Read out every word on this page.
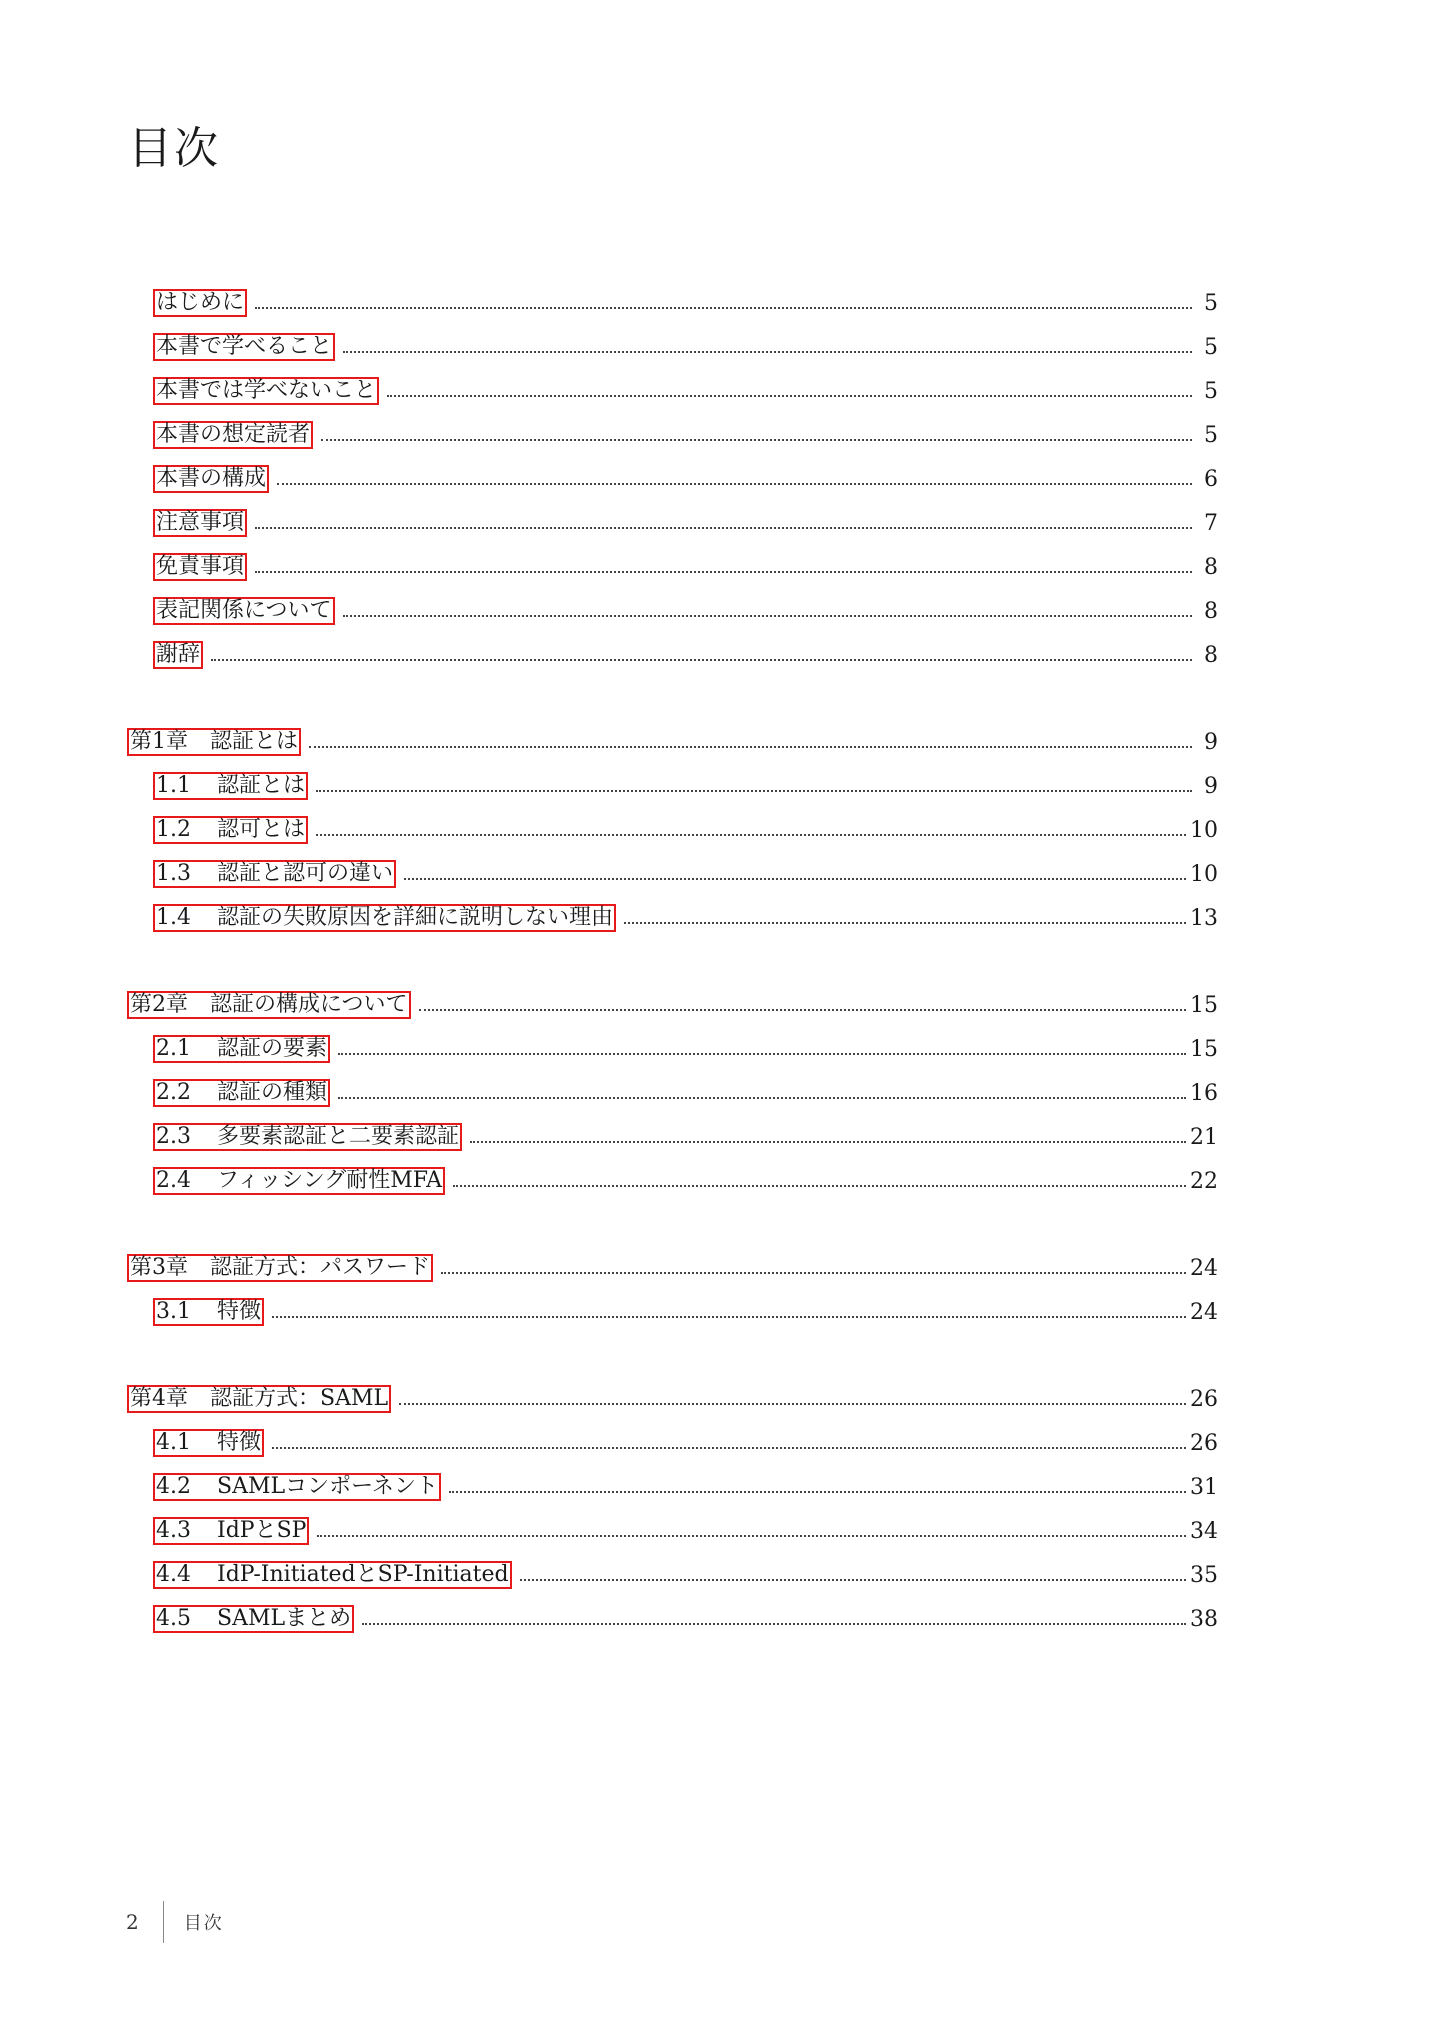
目次
はじめに	5
本書で学べること	5
本書では学べないこと	5
本書の想定読者	5
本書の構成	6
注意事項	7
免責事項	8
表記関係について	8
謝辞	8
第1章　認証とは	9
1.1 認証とは	9
1.2 認可とは	10
1.3 認証と認可の違い	10
1.4 認証の失敗原因を詳細に説明しない理由	13
第2章　認証の構成について	15
2.1 認証の要素	15
2.2 認証の種類	16
2.3 多要素認証と二要素認証	21
2.4 フィッシング耐性MFA	22
第3章　認証方式：パスワード	24
3.1 特徴	24
第4章　認証方式：SAML	26
4.1 特徴	26
4.2 SAMLコンポーネント	31
4.3 IdPとSP	34
4.4 IdP-InitiatedとSP-Initiated	35
4.5 SAMLまとめ	38
2	目次
